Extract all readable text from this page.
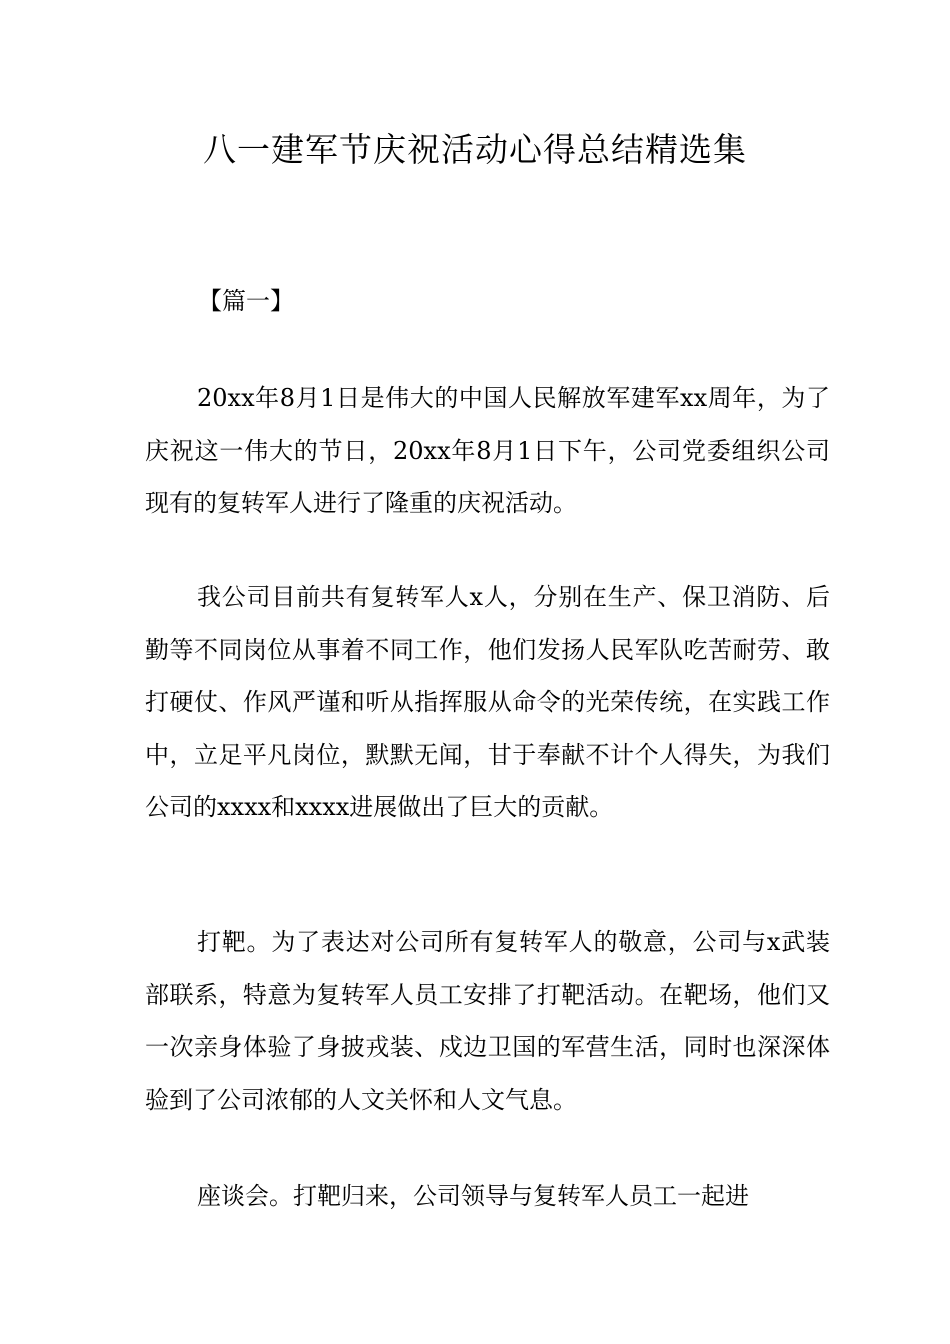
八一建军节庆祝活动心得总结精选集
【篇一】

20xx年8月1日是伟大的中国人民解放军建军xx周年，为了庆祝这一伟大的节日，20xx年8月1日下午，公司党委组织公司现有的复转军人进行了隆重的庆祝活动。

我公司目前共有复转军人x人，分别在生产、保卫消防、后勤等不同岗位从事着不同工作，他们发扬人民军队吃苦耐劳、敢打硬仗、作风严谨和听从指挥服从命令的光荣传统，在实践工作中，立足平凡岗位，默默无闻，甘于奉献不计个人得失，为我们公司的xxxx和xxxx进展做出了巨大的贡献。

打靶。为了表达对公司所有复转军人的敬意，公司与x武装部联系，特意为复转军人员工安排了打靶活动。在靶场，他们又一次亲身体验了身披戎装、戍边卫国的军营生活，同时也深深体验到了公司浓郁的人文关怀和人文气息。

座谈会。打靶归来，公司领导与复转军人员工一起进
